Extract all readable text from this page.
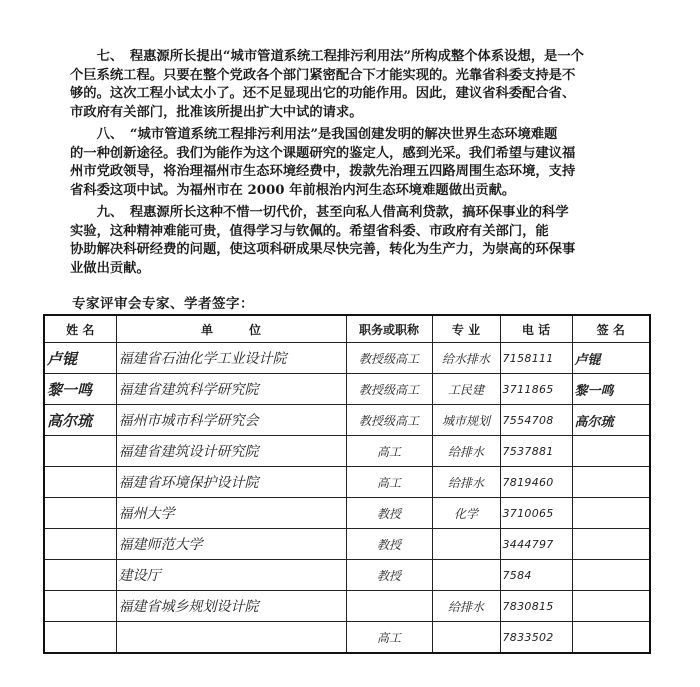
　　七、　程惠源所长提出“城市管道系统工程排污利用法”所构成整个体系设想，是一个
个巨系统工程。只要在整个党政各个部门紧密配合下才能实现的。光靠省科委支持是不
够的。这次工程小试太小了。还不足显现出它的功能作用。因此，建议省科委配合省、
市政府有关部门，批准该所提出扩大中试的请求。
　　八、　“城市管道系统工程排污利用法”是我国创建发明的解决世界生态环境难题
的一种创新途径。我们为能作为这个课题研究的鉴定人，感到光采。我们希望与建议福
州市党政领导，将治理福州市生态环境经费中，拨款先治理五四路周围生态环境，支持
省科委这项中试。为福州市在 2000 年前根治内河生态环境难题做出贡献。
　　九、　程惠源所长这种不惜一切代价，甚至向私人借高利贷款，搞环保事业的科学
实验，这种精神难能可贵，值得学习与钦佩的。希望省科委、市政府有关部门，能
协助解决科研经费的问题，使这项科研成果尽快完善，转化为生产力，为崇高的环保事
业做出贡献。
专家评审会专家、学者签字：
姓 名	单　　　位	职务或职称	专 业	电 话	签 名
卢锟	福建省石油化学工业设计院	教授级高工	给水排水	7158111	卢锟
黎一鸣	福建省建筑科学研究院	教授级高工	工民建	3711865	黎一鸣
高尔琉	福州市城市科学研究会	教授级高工	城市规划	7554708	高尔琉
	福建省建筑设计研究院	高工	给排水	7537881	
	福建省环境保护设计院	高工	给排水	7819460	
	福州大学	教授	化学	3710065	
	福建师范大学	教授		3444797	
	建设厅	教授		7584	
	福建省城乡规划设计院		给排水	7830815	
		高工		7833502	
